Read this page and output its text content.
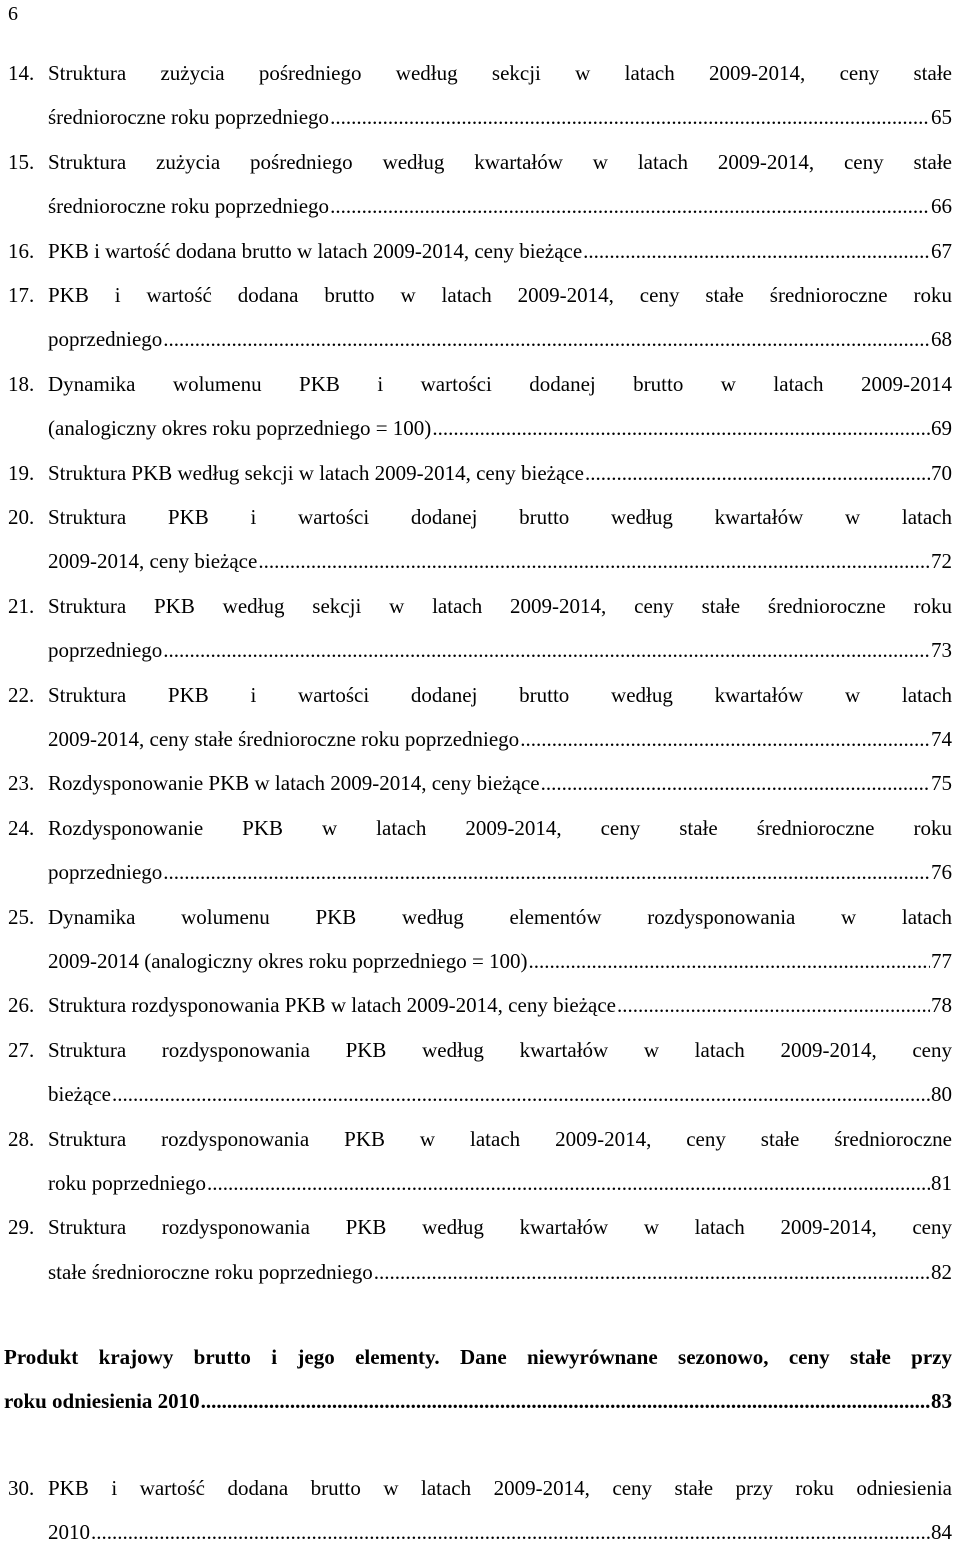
6
14. Struktura zużycia pośredniego według sekcji w latach 2009-2014, ceny stałe
średnioroczne roku poprzedniego .....	65
15. Struktura zużycia pośredniego według kwartałów w latach 2009-2014, ceny stałe
średnioroczne roku poprzedniego .....	66
16. PKB i wartość dodana brutto w latach 2009-2014, ceny bieżące .....	67
17. PKB i wartość dodana brutto w latach 2009-2014, ceny stałe średnioroczne roku
poprzedniego .....	68
18. Dynamika wolumenu PKB i wartości dodanej brutto w latach 2009-2014
(analogiczny okres roku poprzedniego = 100) .....	69
19. Struktura PKB według sekcji w latach 2009-2014, ceny bieżące .....	70
20. Struktura PKB i wartości dodanej brutto według kwartałów w latach
2009-2014, ceny bieżące .....	72
21. Struktura PKB według sekcji w latach 2009-2014, ceny stałe średnioroczne roku
poprzedniego .....	73
22. Struktura PKB i wartości dodanej brutto według kwartałów w latach
2009-2014, ceny stałe średnioroczne roku poprzedniego .....	74
23. Rozdysponowanie PKB w latach 2009-2014, ceny bieżące .....	75
24. Rozdysponowanie PKB w latach 2009-2014, ceny stałe średnioroczne roku
poprzedniego .....	76
25. Dynamika wolumenu PKB według elementów rozdysponowania w latach
2009-2014 (analogiczny okres roku poprzedniego = 100) .....	77
26. Struktura rozdysponowania PKB w latach 2009-2014, ceny bieżące .....	78
27. Struktura rozdysponowania PKB według kwartałów w latach 2009-2014, ceny
bieżące .....	80
28. Struktura rozdysponowania PKB w latach 2009-2014, ceny stałe średnioroczne
roku poprzedniego .....	81
29. Struktura rozdysponowania PKB według kwartałów w latach 2009-2014, ceny
stałe średnioroczne roku poprzedniego .....	82
Produkt krajowy brutto i jego elementy. Dane niewyrównane sezonowo, ceny stałe przy
roku odniesienia 2010 .....	83
30. PKB i wartość dodana brutto w latach 2009-2014, ceny stałe przy roku odniesienia
2010 .....	84
